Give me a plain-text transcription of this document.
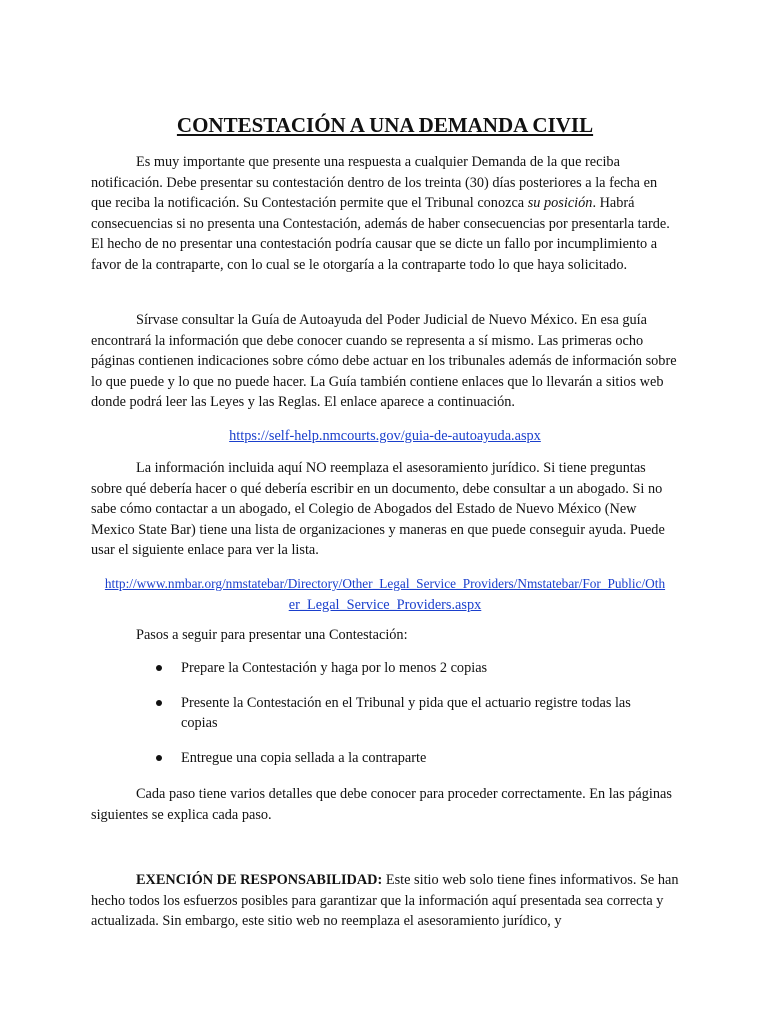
CONTESTACIÓN A UNA DEMANDA CIVIL

Es muy importante que presente una respuesta a cualquier Demanda de la que reciba notificación. Debe presentar su contestación dentro de los treinta (30) días posteriores a la fecha en que reciba la notificación. Su Contestación permite que el Tribunal conozca su posición. Habrá consecuencias si no presenta una Contestación, además de haber consecuencias por presentarla tarde. El hecho de no presentar una contestación podría causar que se dicte un fallo por incumplimiento a favor de la contraparte, con lo cual se le otorgaría a la contraparte todo lo que haya solicitado.

Sírvase consultar la Guía de Autoayuda del Poder Judicial de Nuevo México. En esa guía encontrará la información que debe conocer cuando se representa a sí mismo. Las primeras ocho páginas contienen indicaciones sobre cómo debe actuar en los tribunales además de información sobre lo que puede y lo que no puede hacer. La Guía también contiene enlaces que lo llevarán a sitios web donde podrá leer las Leyes y las Reglas. El enlace aparece a continuación.

https://self-help.nmcourts.gov/guia-de-autoayuda.aspx

La información incluida aquí NO reemplaza el asesoramiento jurídico. Si tiene preguntas sobre qué debería hacer o qué debería escribir en un documento, debe consultar a un abogado. Si no sabe cómo contactar a un abogado, el Colegio de Abogados del Estado de Nuevo México (New Mexico State Bar) tiene una lista de organizaciones y maneras en que puede conseguir ayuda. Puede usar el siguiente enlace para ver la lista.

http://www.nmbar.org/nmstatebar/Directory/Other_Legal_Service_Providers/Nmstatebar/For_Public/Oth
er_Legal_Service_Providers.aspx

Pasos a seguir para presentar una Contestación:

Prepare la Contestación y haga por lo menos 2 copias
Presente la Contestación en el Tribunal y pida que el actuario registre todas las copias
Entregue una copia sellada a la contraparte

Cada paso tiene varios detalles que debe conocer para proceder correctamente. En las páginas siguientes se explica cada paso.

EXENCIÓN DE RESPONSABILIDAD: Este sitio web solo tiene fines informativos. Se han hecho todos los esfuerzos posibles para garantizar que la información aquí presentada sea correcta y actualizada. Sin embargo, este sitio web no reemplaza el asesoramiento jurídico, y
